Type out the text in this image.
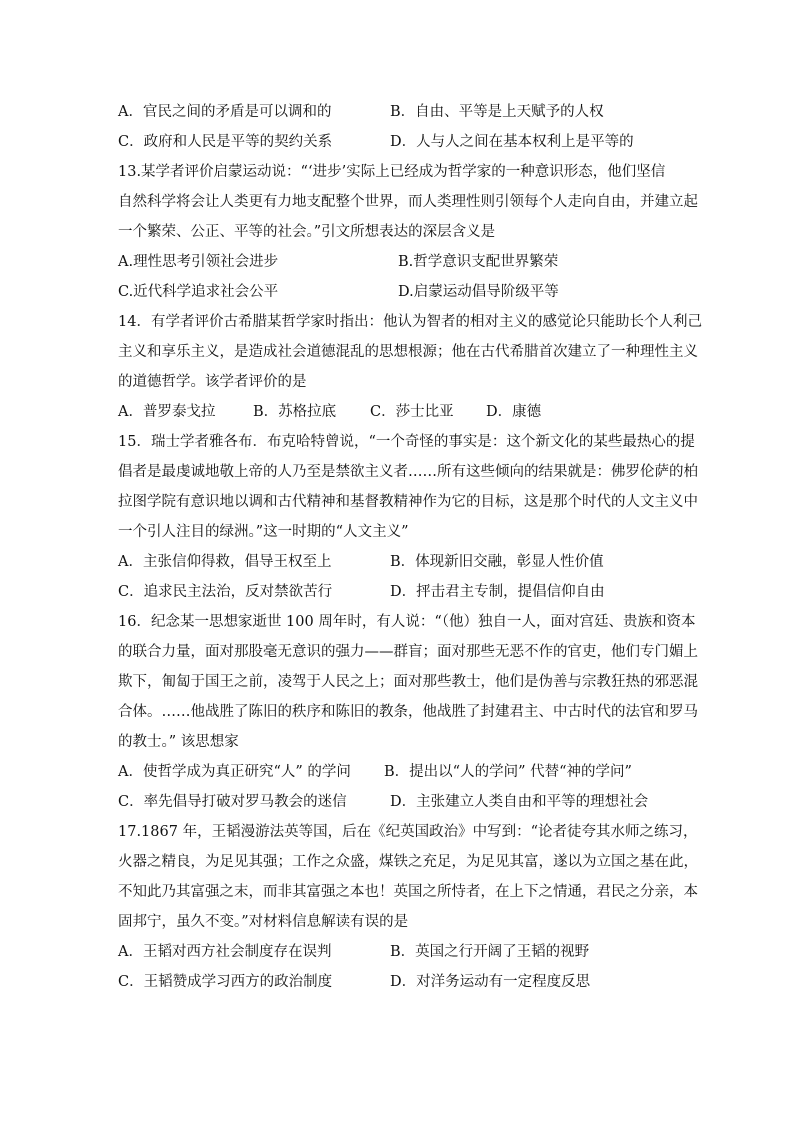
A．官民之间的矛盾是可以调和的	B．自由、平等是上天赋予的人权
C．政府和人民是平等的契约关系	D．人与人之间在基本权利上是平等的
13.某学者评价启蒙运动说：“‘进步’实际上已经成为哲学家的一种意识形态，他们坚信
自然科学将会让人类更有力地支配整个世界，而人类理性则引领每个人走向自由，并建立起
一个繁荣、公正、平等的社会。”引文所想表达的深层含义是
A.理性思考引领社会进步	B.哲学意识支配世界繁荣
C.近代科学追求社会公平	D.启蒙运动倡导阶级平等
14．有学者评价古希腊某哲学家时指出：他认为智者的相对主义的感觉论只能助长个人利己
主义和享乐主义，是造成社会道德混乱的思想根源；他在古代希腊首次建立了一种理性主义
的道德哲学。该学者评价的是
A．普罗泰戈拉	B．苏格拉底 C．莎士比亚 D．康德
15．瑞士学者雅各布．布克哈特曾说，“一个奇怪的事实是：这个新文化的某些最热心的提
倡者是最虔诚地敬上帝的人乃至是禁欲主义者……所有这些倾向的结果就是：佛罗伦萨的柏
拉图学院有意识地以调和古代精神和基督教精神作为它的目标，这是那个时代的人文主义中
一个引人注目的绿洲。”这一时期的“人文主义”
A．主张信仰得救，倡导王权至上	B．体现新旧交融，彰显人性价值
C．追求民主法治，反对禁欲苦行	D．抨击君主专制，提倡信仰自由
16．纪念某一思想家逝世 100 周年时，有人说：“（他）独自一人，面对宫廷、贵族和资本
的联合力量，面对那股毫无意识的强力——群盲；面对那些无恶不作的官吏，他们专门媚上
欺下，匍匐于国王之前，凌驾于人民之上；面对那些教士，他们是伪善与宗教狂热的邪恶混
合体。……他战胜了陈旧的秩序和陈旧的教条，他战胜了封建君主、中古时代的法官和罗马
的教士。” 该思想家
A．使哲学成为真正研究“人” 的学问 B．提出以“人的学问” 代替“神的学问”
C．率先倡导打破对罗马教会的迷信	D．主张建立人类自由和平等的理想社会
17.1867 年，王韬漫游法英等国，后在《纪英国政治》中写到：“论者徒夸其水师之练习，
火器之精良，为足见其强；工作之众盛，煤铁之充足，为足见其富，遂以为立国之基在此，
不知此乃其富强之末，而非其富强之本也！英国之所恃者，在上下之情通，君民之分亲，本
固邦宁，虽久不变。”对材料信息解读有误的是
A．王韬对西方社会制度存在误判	B．英国之行开阔了王韬的视野
C．王韬赞成学习西方的政治制度	D．对洋务运动有一定程度反思
